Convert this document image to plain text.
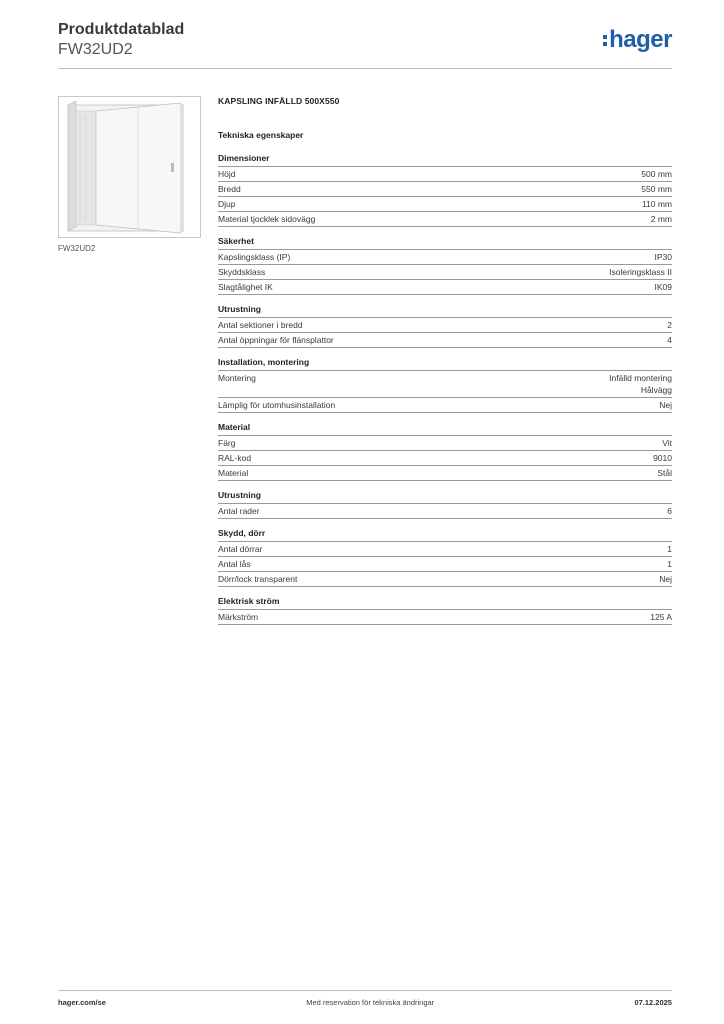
Produktdatablad
FW32UD2	hager
FW32UD2
KAPSLING INFÄLLD 500X550
Tekniska egenskaper
Dimensioner
Höjd	500 mm
Bredd	550 mm
Djup	110 mm
Material tjocklek sidovägg	2 mm
Säkerhet
Kapslingsklass (IP)	IP30
Skyddsklass	Isoleringsklass II
Slagtålighet IK	IK09
Utrustning
Antal sektioner i bredd	2
Antal öppningar för flänsplattor	4
Installation, montering
Montering	Infälld montering
Hålvägg
Lämplig för utomhusinstallation	Nej
Material
Färg	Vit
RAL-kod	9010
Material	Stål
Utrustning
Antal rader	6
Skydd, dörr
Antal dörrar	1
Antal lås	1
Dörr/lock transparent	Nej
Elektrisk ström
Märkström	125 A
hager.com/se	Med reservation för tekniska ändringar	07.12.2025
